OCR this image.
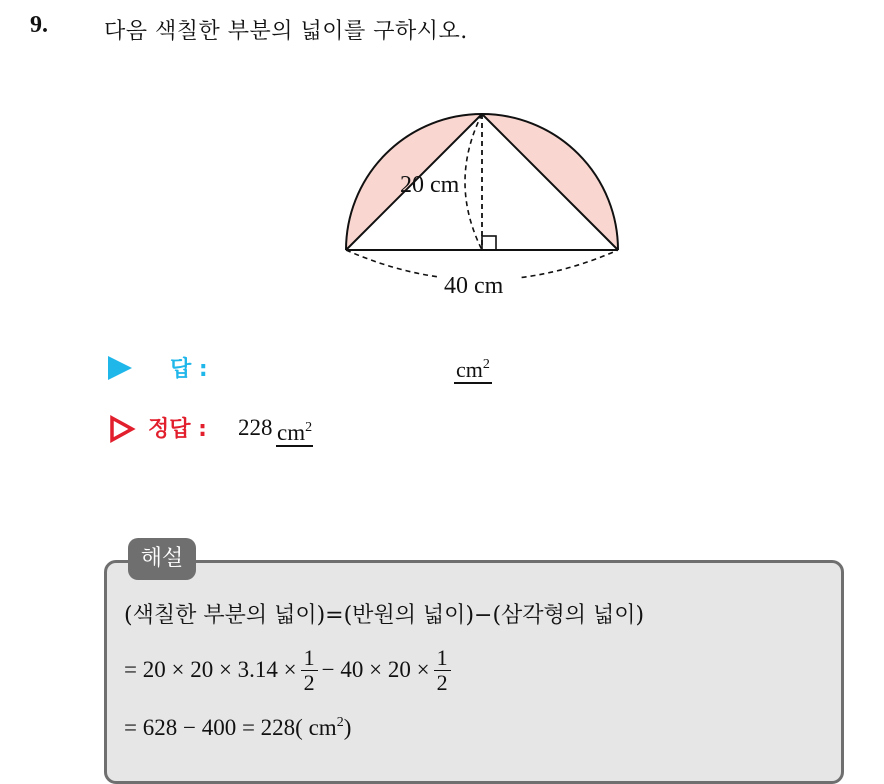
9.	다음 색칠한 부분의 넓이를 구하시오.
20 cm
40 cm
답 :	$cm^2$
정답 : 228 $cm^2$
해설
(색칠한 부분의 넓이)=(반원의 넓이)−(삼각형의 넓이)
= $20 \times 20 \times 3.14 \times \frac{1}{2} - 40 \times 20 \times \frac{1}{2}$
= 628 − 400 = 228( $cm^2$ )
